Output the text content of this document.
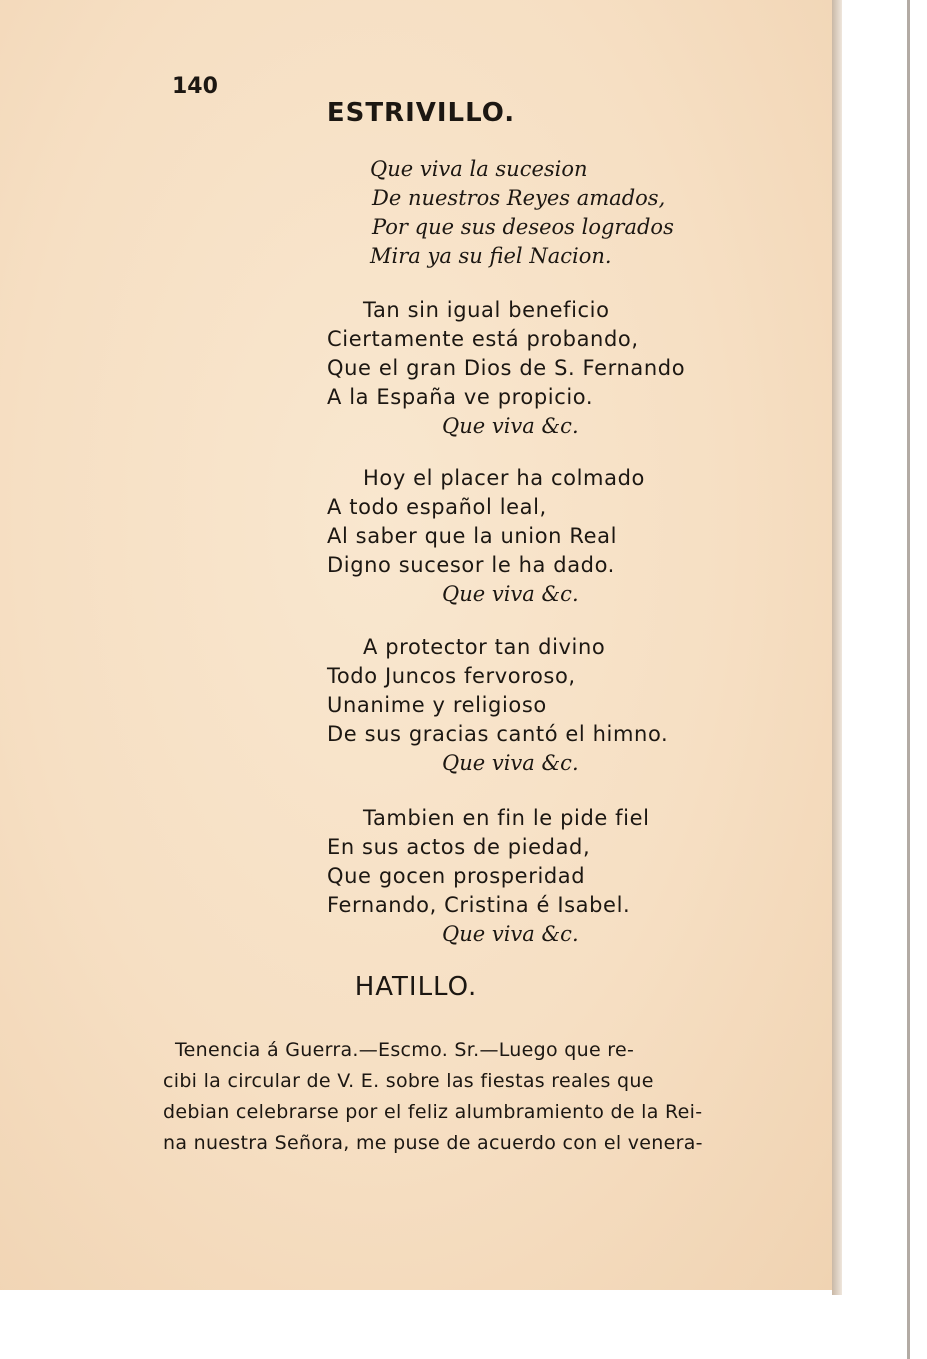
140
ESTRIVILLO.
Que viva la sucesion
De nuestros Reyes amados,
Por que sus deseos logrados
Mira ya su fiel Nacion.
Tan sin igual beneficio
Ciertamente está probando,
Que el gran Dios de S. Fernando
A la España ve propicio.
Que viva &c.
Hoy el placer ha colmado
A todo español leal,
Al saber que la union Real
Digno sucesor le ha dado.
Que viva &c.
A protector tan divino
Todo Juncos fervoroso,
Unanime y religioso
De sus gracias cantó el himno.
Que viva &c.
Tambien en fin le pide fiel
En sus actos de piedad,
Que gocen prosperidad
Fernando, Cristina é Isabel.
Que viva &c.
HATILLO.
Tenencia á Guerra.—Escmo. Sr.—Luego que re-
cibi la circular de V. E. sobre las fiestas reales que
debian celebrarse por el feliz alumbramiento de la Rei-
na nuestra Señora, me puse de acuerdo con el venera-
